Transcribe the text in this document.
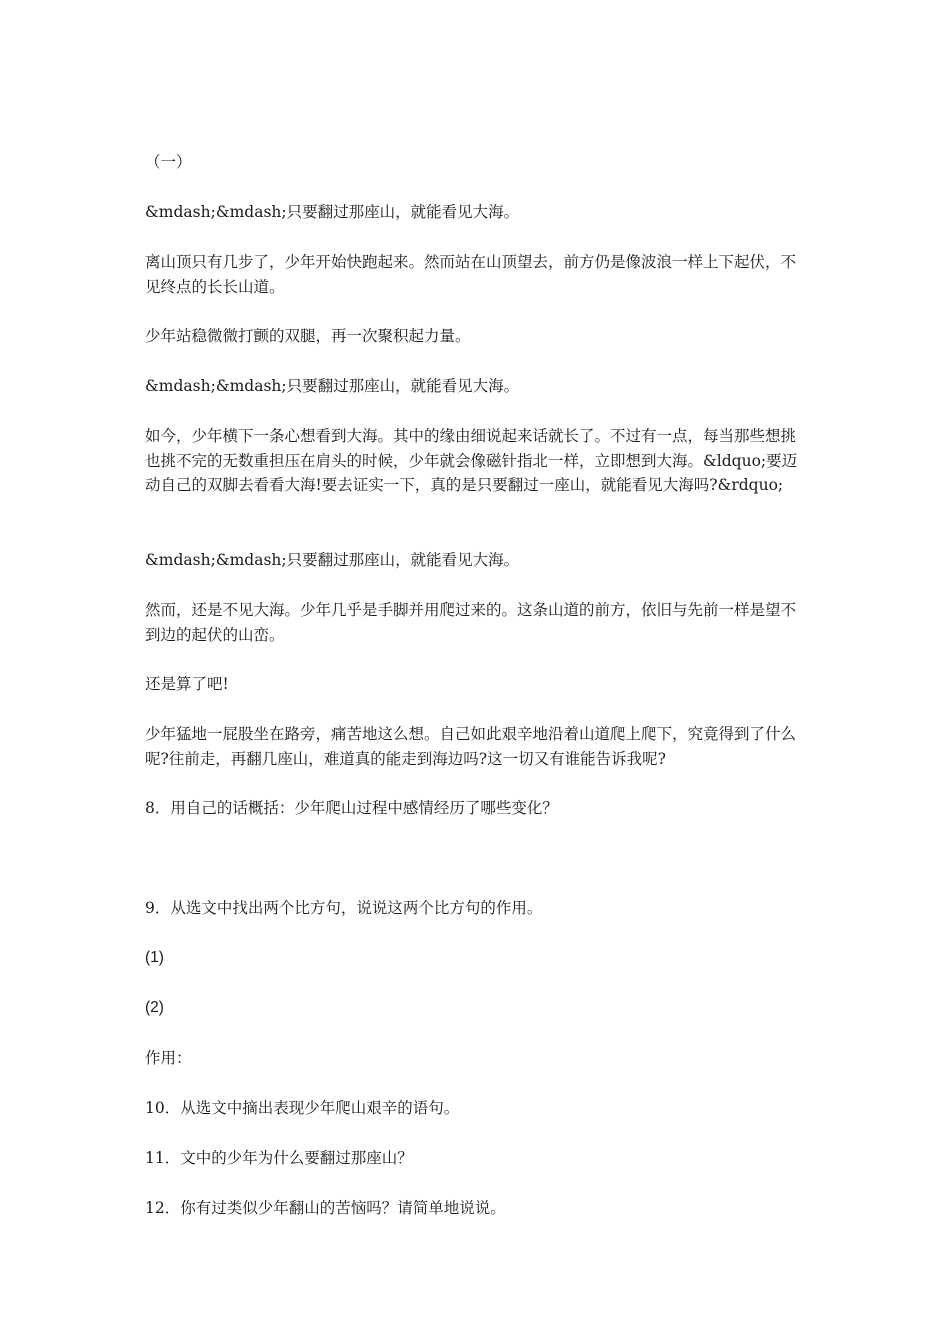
（一）

&mdash;&mdash;只要翻过那座山，就能看见大海。

离山顶只有几步了，少年开始快跑起来。然而站在山顶望去，前方仍是像波浪一样上下起伏，不见终点的长长山道。

少年站稳微微打颤的双腿，再一次聚积起力量。

&mdash;&mdash;只要翻过那座山，就能看见大海。

如今，少年横下一条心想看到大海。其中的缘由细说起来话就长了。不过有一点，每当那些想挑也挑不完的无数重担压在肩头的时候，少年就会像磁针指北一样，立即想到大海。&ldquo;要迈动自己的双脚去看看大海!要去证实一下，真的是只要翻过一座山，就能看见大海吗?&rdquo;

&mdash;&mdash;只要翻过那座山，就能看见大海。

然而，还是不见大海。少年几乎是手脚并用爬过来的。这条山道的前方，依旧与先前一样是望不到边的起伏的山峦。

还是算了吧!

少年猛地一屁股坐在路旁，痛苦地这么想。自己如此艰辛地沿着山道爬上爬下，究竟得到了什么呢?往前走，再翻几座山，难道真的能走到海边吗?这一切又有谁能告诉我呢?

8．用自己的话概括：少年爬山过程中感情经历了哪些变化？

9．从选文中找出两个比方句，说说这两个比方句的作用。

(1)

(2)

作用：

10．从选文中摘出表现少年爬山艰辛的语句。

11．文中的少年为什么要翻过那座山？

12．你有过类似少年翻山的苦恼吗？请简单地说说。
